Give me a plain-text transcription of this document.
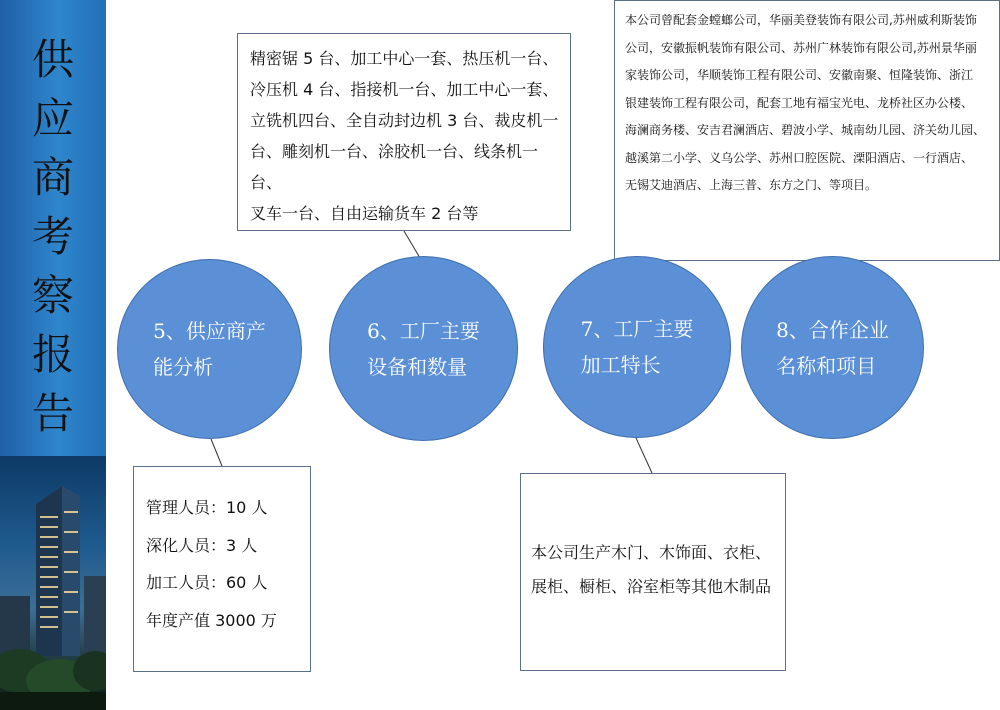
供
应
商
考
察
报
告
精密锯 5 台、加工中心一套、热压机一台、
冷压机 4 台、指接机一台、加工中心一套、
立铣机四台、全自动封边机 3 台、裁皮机一
台、雕刻机一台、涂胶机一台、线条机一台、
叉车一台、自由运输货车 2 台等
本公司曾配套金螳螂公司，华丽美登装饰有限公司,苏州威利斯装饰
公司，安徽振帆装饰有限公司、苏州广林装饰有限公司,苏州景华丽
家装饰公司，华顺装饰工程有限公司、安徽南聚、恒隆装饰、浙江
银建装饰工程有限公司，配套工地有福宝光电、龙桥社区办公楼、
海澜商务楼、安吉君澜酒店、碧波小学、城南幼儿园、济关幼儿园、
越溪第二小学、义乌公学、苏州口腔医院、溧阳酒店、一行酒店、
无锡艾迪酒店、上海三普、东方之门、等项目。
5、供应商产
能分析
6、工厂主要
设备和数量
7、工厂主要
加工特长
8、合作企业
名称和项目
管理人员：10 人
深化人员：3 人
加工人员：60 人
年度产值 3000 万
本公司生产木门、木饰面、衣柜、
展柜、橱柜、浴室柜等其他木制品
